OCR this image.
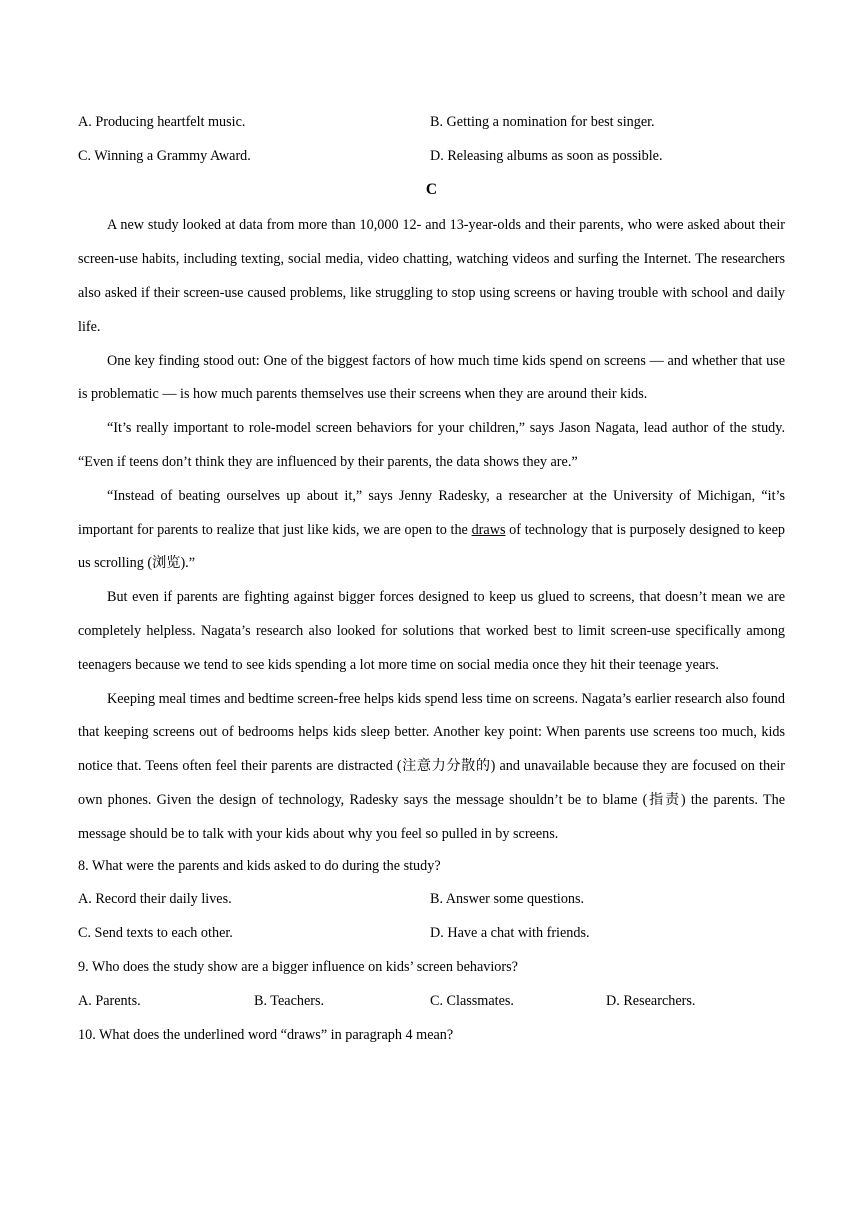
A. Producing heartfelt music.	B. Getting a nomination for best singer.
C. Winning a Grammy Award.	D. Releasing albums as soon as possible.
C

A new study looked at data from more than 10,000 12- and 13-year-olds and their parents, who were asked about their screen-use habits, including texting, social media, video chatting, watching videos and surfing the Internet. The researchers also asked if their screen-use caused problems, like struggling to stop using screens or having trouble with school and daily life.

One key finding stood out: One of the biggest factors of how much time kids spend on screens — and whether that use is problematic — is how much parents themselves use their screens when they are around their kids.

“It’s really important to role-model screen behaviors for your children,” says Jason Nagata, lead author of the study. “Even if teens don’t think they are influenced by their parents, the data shows they are.”

“Instead of beating ourselves up about it,” says Jenny Radesky, a researcher at the University of Michigan, “it’s important for parents to realize that just like kids, we are open to the draws of technology that is purposely designed to keep us scrolling (浏览).”

But even if parents are fighting against bigger forces designed to keep us glued to screens, that doesn’t mean we are completely helpless. Nagata’s research also looked for solutions that worked best to limit screen-use specifically among teenagers because we tend to see kids spending a lot more time on social media once they hit their teenage years.

Keeping meal times and bedtime screen-free helps kids spend less time on screens. Nagata’s earlier research also found that keeping screens out of bedrooms helps kids sleep better. Another key point: When parents use screens too much, kids notice that. Teens often feel their parents are distracted (注意力分散的) and unavailable because they are focused on their own phones. Given the design of technology, Radesky says the message shouldn’t be to blame (指责) the parents. The message should be to talk with your kids about why you feel so pulled in by screens.

8. What were the parents and kids asked to do during the study?
A. Record their daily lives.	B. Answer some questions.
C. Send texts to each other.	D. Have a chat with friends.
9. Who does the study show are a bigger influence on kids’ screen behaviors?
A. Parents.	B. Teachers.	C. Classmates.	D. Researchers.
10. What does the underlined word “draws” in paragraph 4 mean?
